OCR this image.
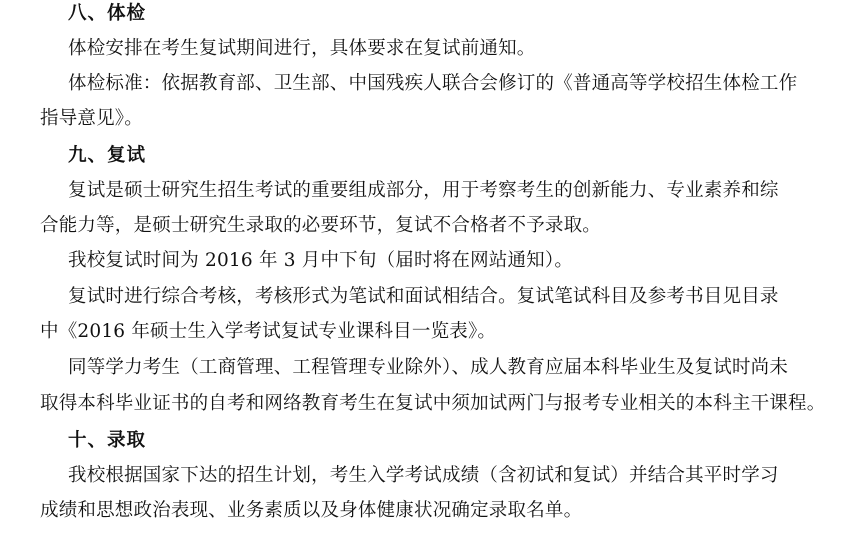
八、体检
体检安排在考生复试期间进行，具体要求在复试前通知。
体检标准：依据教育部、卫生部、中国残疾人联合会修订的《普通高等学校招生体检工作
指导意见》。
九、复试
复试是硕士研究生招生考试的重要组成部分，用于考察考生的创新能力、专业素养和综
合能力等，是硕士研究生录取的必要环节，复试不合格者不予录取。
我校复试时间为 2016 年 3 月中下旬（届时将在网站通知）。
复试时进行综合考核，考核形式为笔试和面试相结合。复试笔试科目及参考书目见目录
中《2016 年硕士生入学考试复试专业课科目一览表》。
同等学力考生（工商管理、工程管理专业除外）、成人教育应届本科毕业生及复试时尚未
取得本科毕业证书的自考和网络教育考生在复试中须加试两门与报考专业相关的本科主干课程。
十、录取
我校根据国家下达的招生计划，考生入学考试成绩（含初试和复试）并结合其平时学习
成绩和思想政治表现、业务素质以及身体健康状况确定录取名单。
